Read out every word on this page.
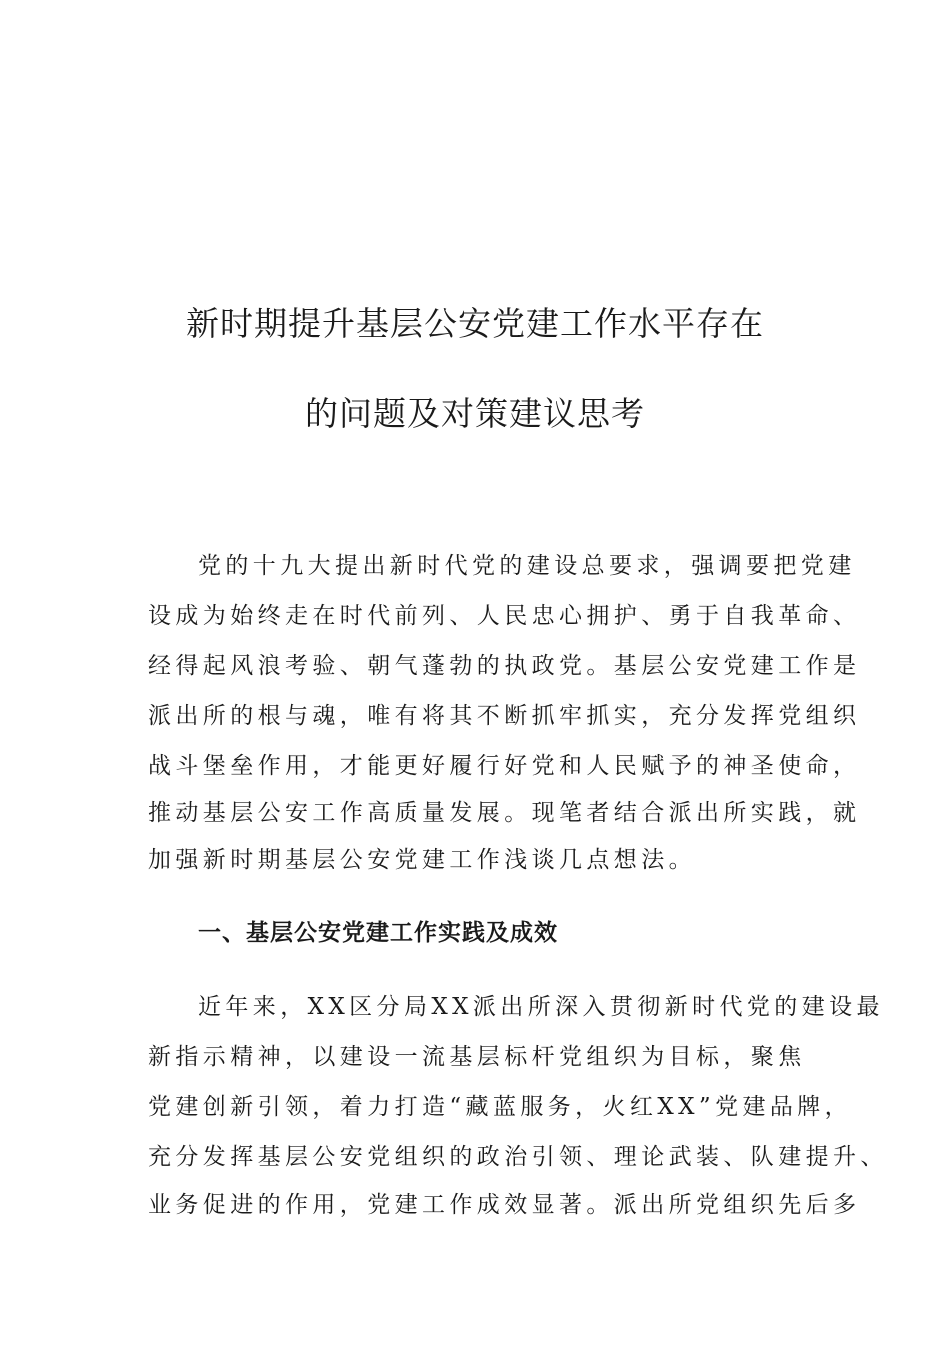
新时期提升基层公安党建工作水平存在
的问题及对策建议思考
党的十九大提出新时代党的建设总要求，强调要把党建
设成为始终走在时代前列、人民忠心拥护、勇于自我革命、
经得起风浪考验、朝气蓬勃的执政党。基层公安党建工作是
派出所的根与魂，唯有将其不断抓牢抓实，充分发挥党组织
战斗堡垒作用，才能更好履行好党和人民赋予的神圣使命，
推动基层公安工作高质量发展。现笔者结合派出所实践，就
加强新时期基层公安党建工作浅谈几点想法。
一、基层公安党建工作实践及成效
近年来，XX区分局XX派出所深入贯彻新时代党的建设最
新指示精神，以建设一流基层标杆党组织为目标，聚焦
党建创新引领，着力打造“藏蓝服务，火红XX”党建品牌，
充分发挥基层公安党组织的政治引领、理论武装、队建提升、
业务促进的作用，党建工作成效显著。派出所党组织先后多
